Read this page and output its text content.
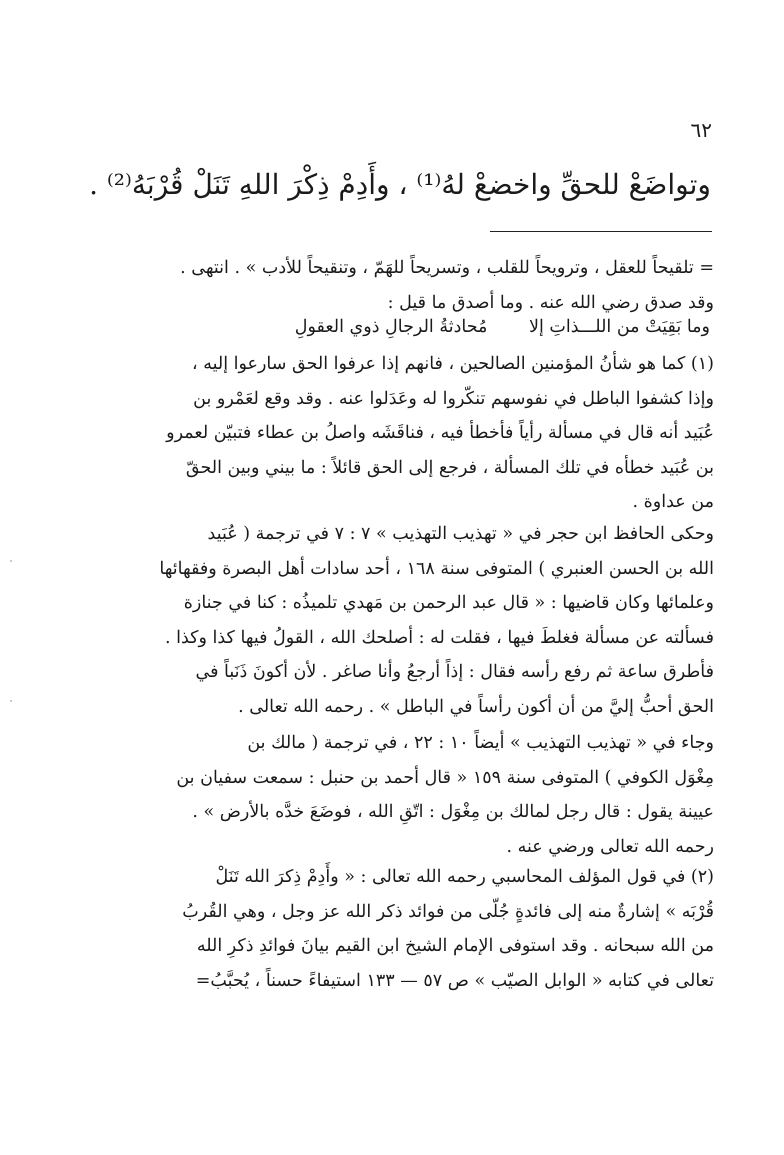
٦٢
وتواضَعْ للحقِّ واخضعْ لهُ⁽¹⁾ ، وأَدِمْ ذِكْرَ اللهِ تَنَلْ قُرْبَهُ⁽²⁾ .
= تلقيحاً للعقل ، وترويحاً للقلب ، وتسريحاً للهَمّ ، وتنقيحاً للأدب » . انتهى .
وقد صدق رضي الله عنه . وما أصدق ما قيل :
وما بَقِيَتْ من اللـــذاتِ إلا مُحادثةُ الرجالِ ذوي العقولِ
(١) كما هو شأنُ المؤمنين الصالحين ، فانهم إذا عرفوا الحق سارعوا إليه ،
وإذا كشفوا الباطل في نفوسهم تنكّروا له وعَدَلوا عنه . وقد وقع لعَمْرو بن
عُبَيد أنه قال في مسألة رأياً فأخطأ فيه ، فناقَشَه واصلُ بن عطاء فتبيّن لعمرو
بن عُبَيد خطأه في تلك المسألة ، فرجع إلى الحق قائلاً : ما بيني وبين الحقّ
من عداوة .
وحكى الحافظ ابن حجر في « تهذيب التهذيب » ٧ : ٧ في ترجمة ( عُبَيد
الله بن الحسن العنبري ) المتوفى سنة ١٦٨ ، أحد سادات أهل البصرة وفقهائها
وعلمائها وكان قاضيها : « قال عبد الرحمن بن مَهدي تلميذُه : كنا في جنازة
فسألته عن مسألة فغلطَ فيها ، فقلت له : أصلحك الله ، القولُ فيها كذا وكذا .
فأطرق ساعة ثم رفع رأسه فقال : إذاً أرجعُ وأنا صاغر . لأن أكونَ ذَنَباً في
الحق أحبُّ إليَّ من أن أكون رأساً في الباطل » . رحمه الله تعالى .
وجاء في « تهذيب التهذيب » أيضاً ١٠ : ٢٢ ، في ترجمة ( مالك بن
مِغْوَل الكوفي ) المتوفى سنة ١٥٩ « قال أحمد بن حنبل : سمعت سفيان بن
عيينة يقول : قال رجل لمالك بن مِغْوَل : اتّقِ الله ، فوضَعَ خدَّه بالأرض » .
رحمه الله تعالى ورضي عنه .
(٢) في قول المؤلف المحاسبي رحمه الله تعالى : « وأَدِمْ ذِكرَ الله تَنَلْ
قُرْبَه » إشارةٌ منه إلى فائدةٍ جُلّى من فوائد ذكر الله عز وجل ، وهي القُربُ
من الله سبحانه . وقد استوفى الإمام الشيخ ابن القيم بيانَ فوائدِ ذكرِ الله
تعالى في كتابه « الوابل الصيّب » ص ٥٧ — ١٣٣ استيفاءً حسناً ، يُحبَّبُ=
